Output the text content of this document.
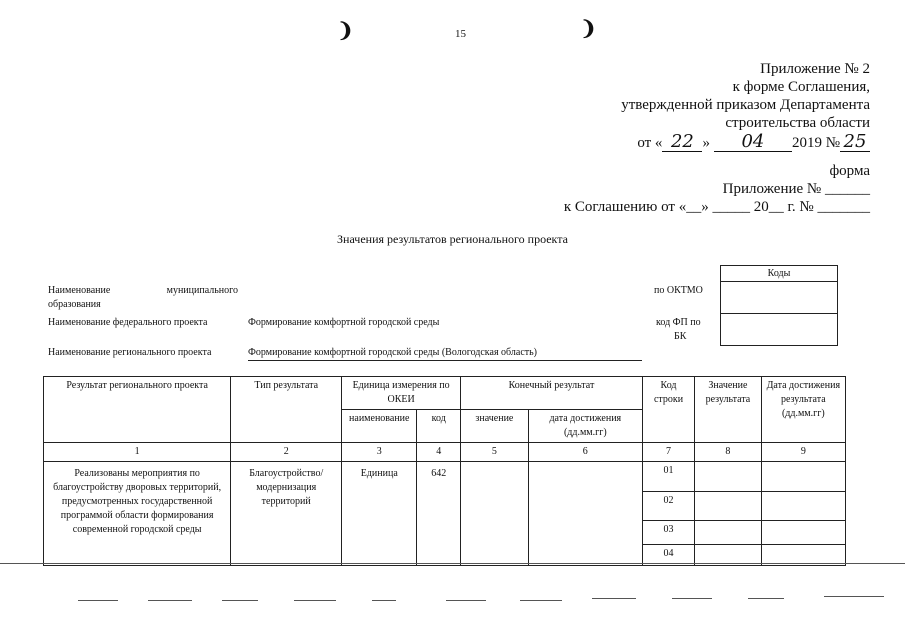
❩	15	❩
Приложение № 2
к форме Соглашения,
утвержденной приказом Департамента
строительства области
от « 22 » 04 2019 № 25
форма
Приложение № ______
к Соглашению от «__» _____ 20__ г. № _______
Значения результатов регионального проекта
Наименование	муниципального
образования
Наименование федерального проекта	Формирование комфортной городской среды
Наименование регионального проекта	Формирование комфортной городской среды (Вологодская область)
по ОКТМО
код ФП по
БК
Коды

Результат регионального проекта	Тип результата	Единица измерения по ОКЕИ		Конечный результат		Код строки	Значение результата	Дата достижения результата (дд.мм.гг)
		наименование	код	значение	дата достижения (дд.мм.гг)			
1	2	3	4	5	6	7	8	9
Реализованы мероприятия по благоустройству дворовых территорий, предусмотренных государственной программой области формирования современной городской среды	Благоустройство/ модернизация территорий	Единица	642			01		
						02		
						03		
						04		
